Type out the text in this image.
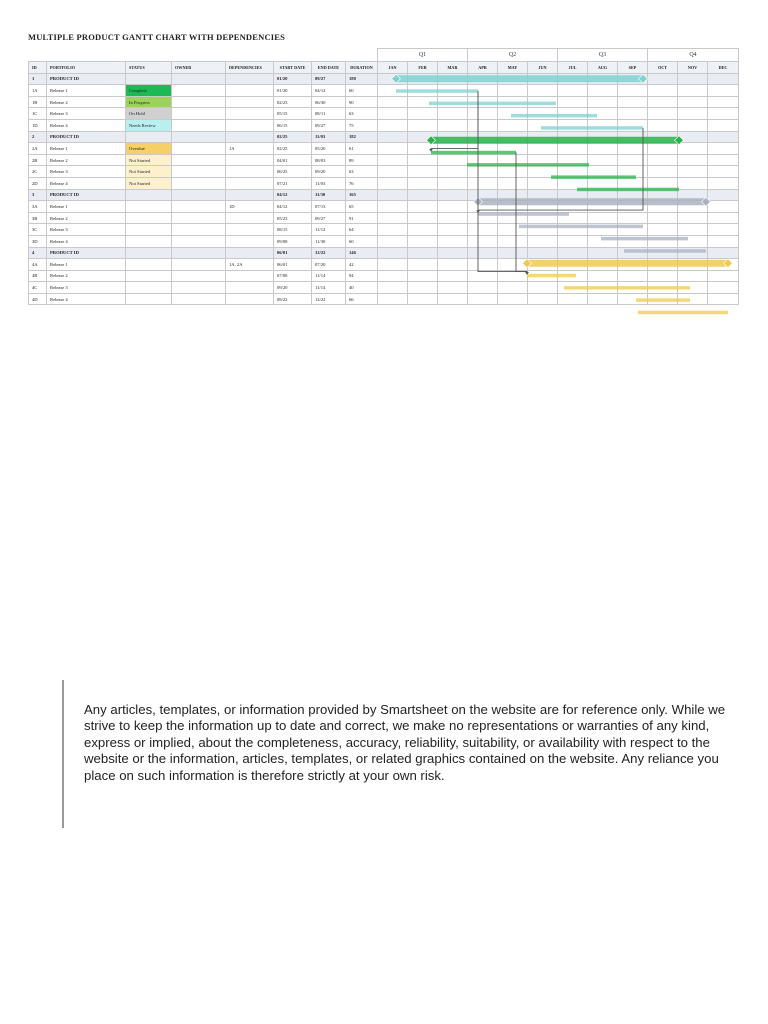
MULTIPLE PRODUCT GANTT CHART WITH DEPENDENCIES
								Q1			Q2			Q3			Q4		
ID	PORTFOLIO	STATUS	OWNER	DEPENDENCIES	START DATE	END DATE	DURATION	JAN	FEB	MAR	APR	MAY	JUN	JUL	AUG	SEP	OCT	NOV	DEC
1	PRODUCT ID				01/20	09/27	180												
1A	Release 1	Complete			01/20	04/12	60												
1B	Release 2	In Progress			02/23	06/30	90												
1C	Release 3	On Hold			05/15	08/11	63												
1D	Release 4	Needs Review			06/15	09/27	75												
2	PRODUCT ID				02/25	11/03	182												
2A	Release 1	Overdue		1A	02/25	05/20	61												
2B	Release 2	Not Started			04/01	08/03	89												
2C	Release 3	Not Started			06/25	09/20	63												
2D	Release 4	Not Started			07/21	11/03	76												
3	PRODUCT ID				04/12	11/30	165												
3A	Release 1			1D	04/12	07/13	65												
3B	Release 2				05/23	09/27	91												
3C	Release 3				08/15	11/12	64												
3D	Release 4				09/08	11/30	60												
4	PRODUCT ID				06/01	12/22	146												
4A	Release 1			1A, 2A	06/01	07/20	42												
4B	Release 2				07/08	11/14	94												
4C	Release 3				09/20	11/14	40												
4D	Release 4				09/22	12/22	66												

Any articles, templates, or information provided by Smartsheet on the website are for reference only. While we strive to keep the information up to date and correct, we make no representations or warranties of any kind, express or implied, about the completeness, accuracy, reliability, suitability, or availability with respect to the website or the information, articles, templates, or related graphics contained on the website. Any reliance you place on such information is therefore strictly at your own risk.
